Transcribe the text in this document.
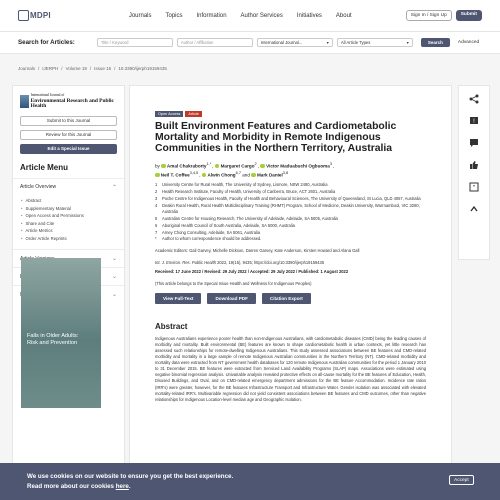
MDPI	Journals Topics Information Author Services Initiatives About	Sign In / Sign Up	Submit
Search for Articles:	Title / Keyword	Author / Affiliation	International Journal...	▾	All Article Types	▾	Search	Advanced
Journals / IJERPH / Volume 19 / Issue 15 / 10.3390/ijerph19159435
International Journal of
Environmental Research and Public Health
Submit to this Journal
Review for this Journal
Edit a Special Issue
Article Menu
Article Overview	⌃
• Abstract
• Supplementary Material
• Open Access and Permissions
• Share and Cite
• Article Metrics
• Order Article Reprints
⌄
⌄
⌄
Falls in Older Adults:
Risk and Prevention
Open Access	Article
Built Environment Features and Cardiometabolic Mortality and Morbidity in Remote Indigenous Communities in the Northern Territory, Australia
by Amal Chakraborty$^{1,*}$ ,  Margaret Cargo$^2$ ,  Victor Maduabuchi Ogbuoma$^3$ ,
Neil T. Coffee$^{3,4,5}$ ,  Alwin Chong$^{6,7}$ and Mark Daniel$^{3,8}$
1 University Centre for Rural Health, The University of Sydney, Lismore, NSW 2480, Australia
2 Health Research Institute, Faculty of Health, University of Canberra, Bruce, ACT 2601, Australia
3 Poche Centre for Indigenous Health, Faculty of Health and Behavioural Sciences, The University of Queensland, St Lucia, QLD 4067, Australia
4 Deakin Rural Health, Rural Health Multidisciplinary Training (RHMT) Program, School of Medicine, Deakin University, Warrnambool, VIC 3280, Australia
5 Australian Centre for Housing Research, The University of Adelaide, Adelaide, SA 5005, Australia
6 Aboriginal Health Council of South Australia, Adelaide, SA 5000, Australia
7 Arney Chong Consulting, Adelaide, SA 5061, Australia
*	Author to whom correspondence should be addressed.
Academic Editors: Gail Garvey, Michelle Dickson, Darren Garvey, Kate Anderson, Kirsten Howard and Alana Gall
Int. J. Environ. Res. Public Health 2022, 19(15), 9435; https://doi.org/10.3390/ijerph19159435
Received: 17 June 2022 / Revised: 29 July 2022 / Accepted: 29 July 2022 / Published: 1 August 2022
(This article belongs to the Special Issue Health and Wellness for Indigenous Peoples)
View Full-Text	Download PDF	Citation Export
Abstract

Indigenous Australians experience poorer health than non-Indigenous Australians, with cardiometabolic diseases (CMD) being the leading causes of morbidity and mortality. Built environmental (BE) features are known to shape cardiometabolic health in urban contexts, yet little research has assessed such relationships for remote-dwelling Indigenous Australians. This study assessed associations between BE features and CMD-related morbidity and mortality in a large sample of remote Indigenous Australian communities in the Northern Territory (NT). CMD-related morbidity and mortality data were extracted from NT government health databases for 120 remote Indigenous Australian communities for the period 1 January 2010 to 31 December 2015. BE features were extracted from Serviced Land Availability Programs (SLAP) maps. Associations were estimated using negative binomial regression analysis. Univariable analysis revealed protective effects on all-cause mortality for the BE features of Education, Health, Disused Buildings, and Oval, and on CMD-related emergency department admissions for the BE feature Accommodation. Incidence rate ratios (IRR's) were greater, however, for the BE features Infrastructure Transport and Infrastructure Water. Gender isolation was associated with elevated mortality-related IRR's. Multivariable regression did not yield consistent associations between BE features and CMD outcomes, other than negative relationships for Indigenous Location-level median age and Geographic Isolation.

!
"
We use cookies on our website to ensure you get the best experience.
Read more about our cookies here.
Accept
